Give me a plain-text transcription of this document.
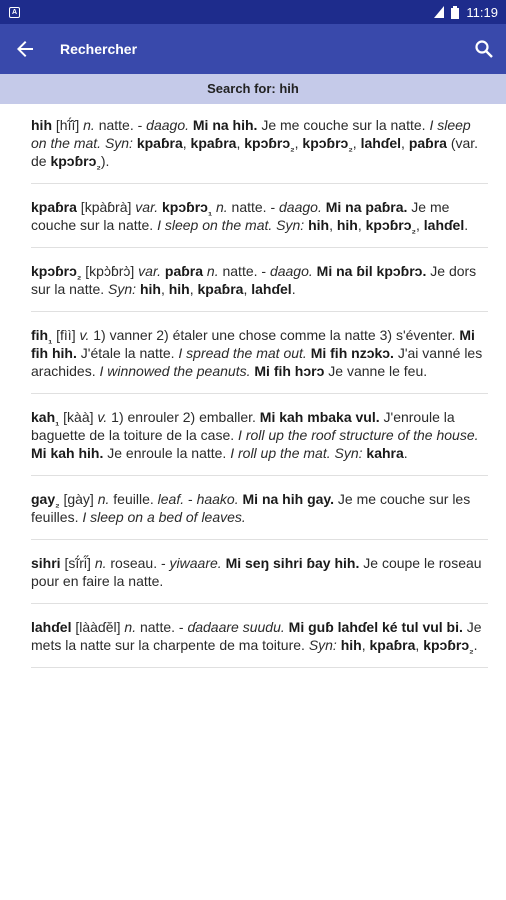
A	11:19
Rechercher
Search for: hih
hih [hĩ́ĩ] n. natte. - daago. Mi na hih. Je me couche sur la natte. I sleep on the mat. Syn: kpaɓra, kpaɓra, kpɔɓrɔ$_{_2}$, kpɔɓrɔ$_{_2}$, lahɗel, paɓra (var. de kpɔɓrɔ$_{_2}$).
kpaɓra [kpàɓrà] var. kpɔɓrɔ$_{_1}$ n. natte. - daago. Mi na paɓra. Je me couche sur la natte. I sleep on the mat. Syn: hih, hih, kpɔɓrɔ$_{_2}$, lahɗel.
kpɔɓrɔ$_{_2}$ [kpɔ̀ɓrɔ̀] var. paɓra n. natte. - daago. Mi na ɓil kpɔɓrɔ. Je dors sur la natte. Syn: hih, hih, kpaɓra, lahɗel.
fih$_{_1}$ [fìì] v. 1) vanner 2) étaler une chose comme la natte 3) s'éventer. Mi fih hih. J'étale la natte. I spread the mat out. Mi fih nzɔkɔ. J'ai vanné les arachides. I winnowed the peanuts. Mi fih hɔrɔ Je vanne le feu.
kah$_{_1}$ [kàà] v. 1) enrouler 2) emballer. Mi kah mbaka vul. J'enroule la baguette de la toiture de la case. I roll up the roof structure of the house. Mi kah hih. Je enroule la natte. I roll up the mat. Syn: kahra.
gay$_{_2}$ [gày] n. feuille. leaf. - haako. Mi na hih gay. Je me couche sur les feuilles. I sleep on a bed of leaves.
sihri [sĩ́ri̋] n. roseau. - yiwaare. Mi seŋ sihri ɓay hih. Je coupe le roseau pour en faire la natte.
lahɗel [lààɗĕl] n. natte. - ɗadaare suudu. Mi guɓ lahɗel ké tul vul bi. Je mets la natte sur la charpente de ma toiture. Syn: hih, kpaɓra, kpɔɓrɔ$_{_2}$.
